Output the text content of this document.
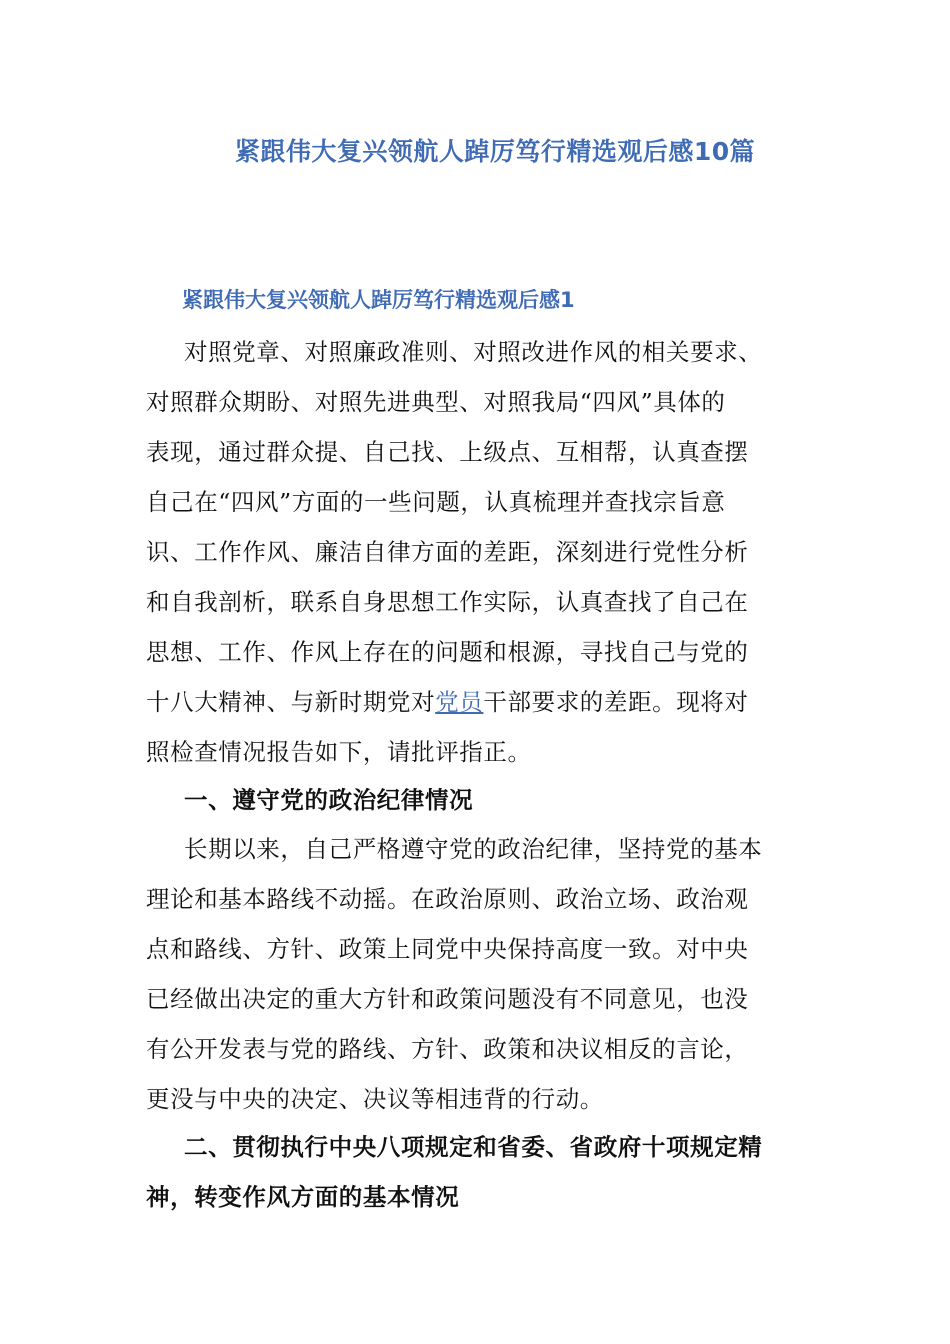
紧跟伟大复兴领航人踔厉笃行精选观后感10篇
紧跟伟大复兴领航人踔厉笃行精选观后感1
对照党章、对照廉政准则、对照改进作风的相关要求、
对照群众期盼、对照先进典型、对照我局“四风”具体的
表现，通过群众提、自己找、上级点、互相帮，认真查摆
自己在“四风”方面的一些问题，认真梳理并查找宗旨意
识、工作作风、廉洁自律方面的差距，深刻进行党性分析
和自我剖析，联系自身思想工作实际，认真查找了自己在
思想、工作、作风上存在的问题和根源，寻找自己与党的
十八大精神、与新时期党对党员干部要求的差距。现将对
照检查情况报告如下，请批评指正。
一、遵守党的政治纪律情况
长期以来，自己严格遵守党的政治纪律，坚持党的基本
理论和基本路线不动摇。在政治原则、政治立场、政治观
点和路线、方针、政策上同党中央保持高度一致。对中央
已经做出决定的重大方针和政策问题没有不同意见，也没
有公开发表与党的路线、方针、政策和决议相反的言论，
更没与中央的决定、决议等相违背的行动。
二、贯彻执行中央八项规定和省委、省政府十项规定精
神，转变作风方面的基本情况
